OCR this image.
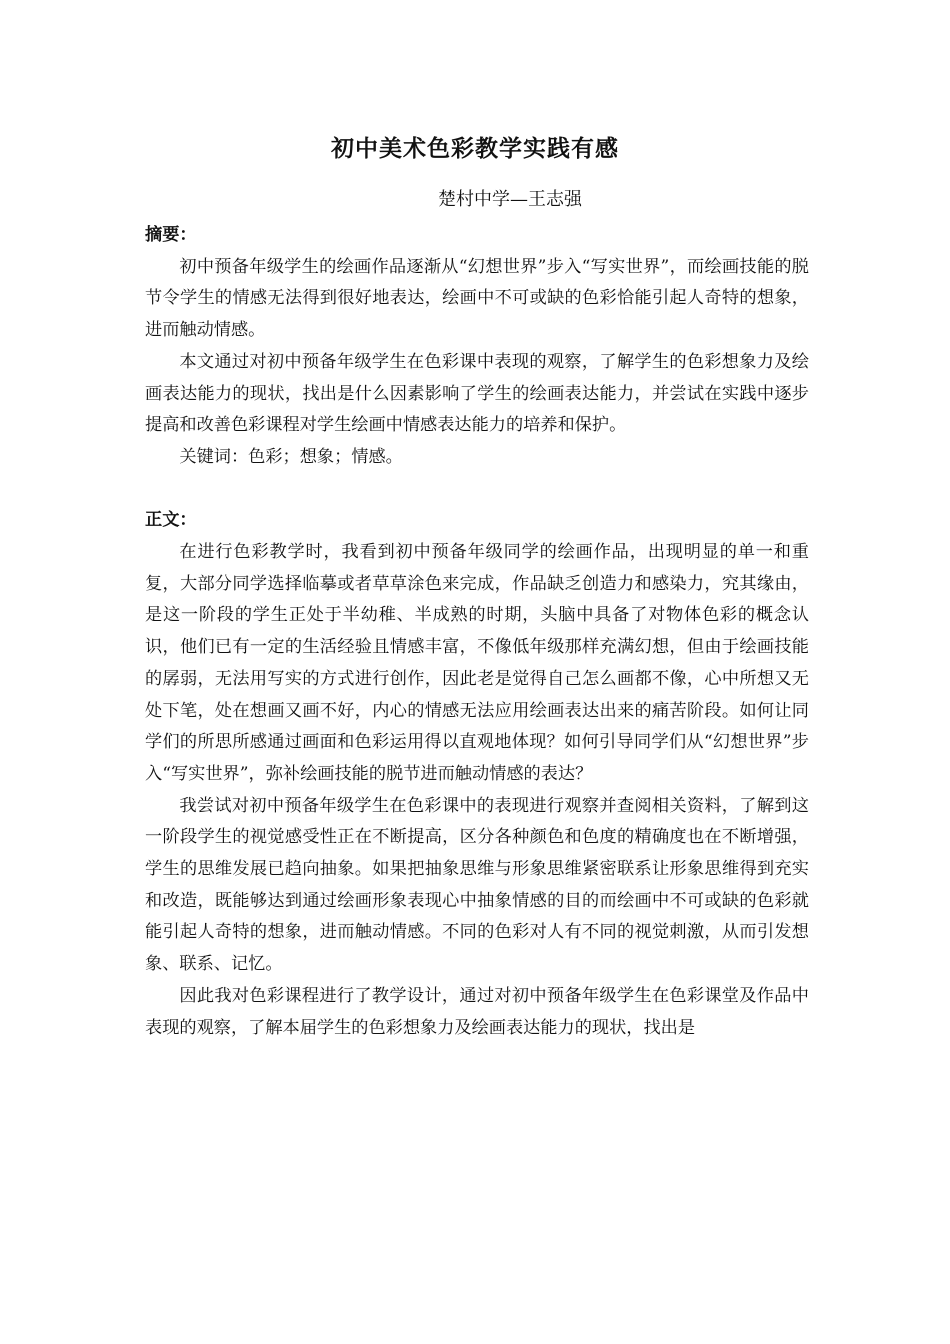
初中美术色彩教学实践有感
楚村中学—王志强

摘要：

初中预备年级学生的绘画作品逐渐从“幻想世界”步入“写实世界”，而绘画技能的脱节令学生的情感无法得到很好地表达，绘画中不可或缺的色彩恰能引起人奇特的想象，进而触动情感。

本文通过对初中预备年级学生在色彩课中表现的观察，了解学生的色彩想象力及绘画表达能力的现状，找出是什么因素影响了学生的绘画表达能力，并尝试在实践中逐步提高和改善色彩课程对学生绘画中情感表达能力的培养和保护。

关键词：色彩；想象；情感。

正文：

在进行色彩教学时，我看到初中预备年级同学的绘画作品，出现明显的单一和重复，大部分同学选择临摹或者草草涂色来完成，作品缺乏创造力和感染力，究其缘由，是这一阶段的学生正处于半幼稚、半成熟的时期，头脑中具备了对物体色彩的概念认识，他们已有一定的生活经验且情感丰富，不像低年级那样充满幻想，但由于绘画技能的孱弱，无法用写实的方式进行创作，因此老是觉得自己怎么画都不像，心中所想又无处下笔，处在想画又画不好，内心的情感无法应用绘画表达出来的痛苦阶段。如何让同学们的所思所感通过画面和色彩运用得以直观地体现？如何引导同学们从“幻想世界”步入“写实世界”，弥补绘画技能的脱节进而触动情感的表达？

我尝试对初中预备年级学生在色彩课中的表现进行观察并查阅相关资料，了解到这一阶段学生的视觉感受性正在不断提高，区分各种颜色和色度的精确度也在不断增强，学生的思维发展已趋向抽象。如果把抽象思维与形象思维紧密联系让形象思维得到充实和改造，既能够达到通过绘画形象表现心中抽象情感的目的而绘画中不可或缺的色彩就能引起人奇特的想象，进而触动情感。不同的色彩对人有不同的视觉刺激，从而引发想象、联系、记忆。

因此我对色彩课程进行了教学设计，通过对初中预备年级学生在色彩课堂及作品中表现的观察，了解本届学生的色彩想象力及绘画表达能力的现状，找出是
